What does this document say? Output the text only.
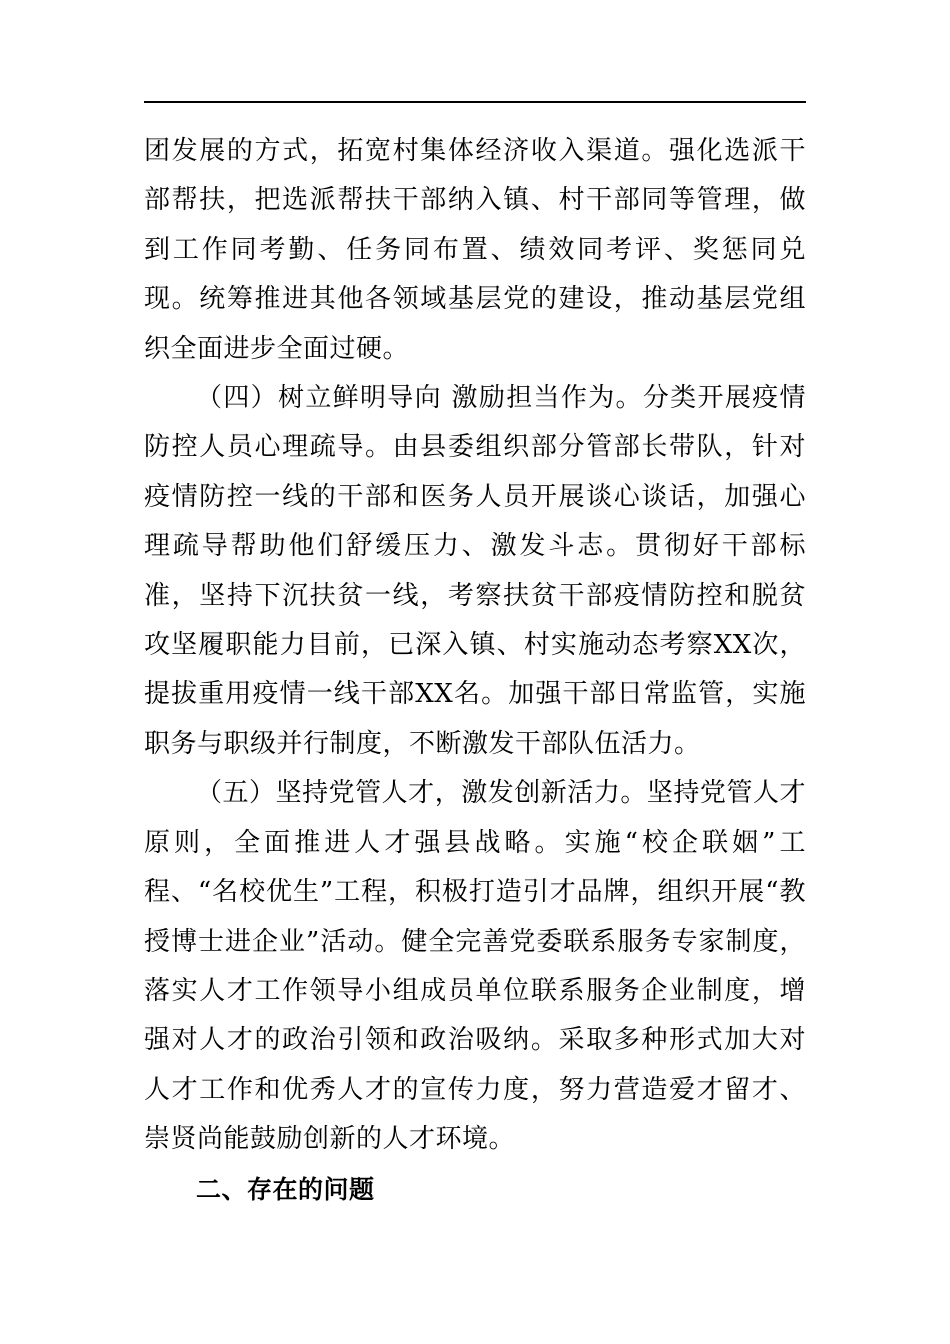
团发展的方式，拓宽村集体经济收入渠道。强化选派干部帮扶，把选派帮扶干部纳入镇、村干部同等管理，做到工作同考勤、任务同布置、绩效同考评、奖惩同兑现。统筹推进其他各领域基层党的建设，推动基层党组织全面进步全面过硬。

（四）树立鲜明导向 激励担当作为。分类开展疫情防控人员心理疏导。由县委组织部分管部长带队，针对疫情防控一线的干部和医务人员开展谈心谈话，加强心理疏导帮助他们舒缓压力、激发斗志。贯彻好干部标准，坚持下沉扶贫一线，考察扶贫干部疫情防控和脱贫攻坚履职能力目前，已深入镇、村实施动态考察XX次，提拔重用疫情一线干部XX名。加强干部日常监管，实施职务与职级并行制度，不断激发干部队伍活力。

（五）坚持党管人才，激发创新活力。坚持党管人才原则，全面推进人才强县战略。实施“校企联姻”工程、“名校优生”工程，积极打造引才品牌，组织开展“教授博士进企业”活动。健全完善党委联系服务专家制度，落实人才工作领导小组成员单位联系服务企业制度，增强对人才的政治引领和政治吸纳。采取多种形式加大对人才工作和优秀人才的宣传力度，努力营造爱才留才、崇贤尚能鼓励创新的人才环境。

二、存在的问题
